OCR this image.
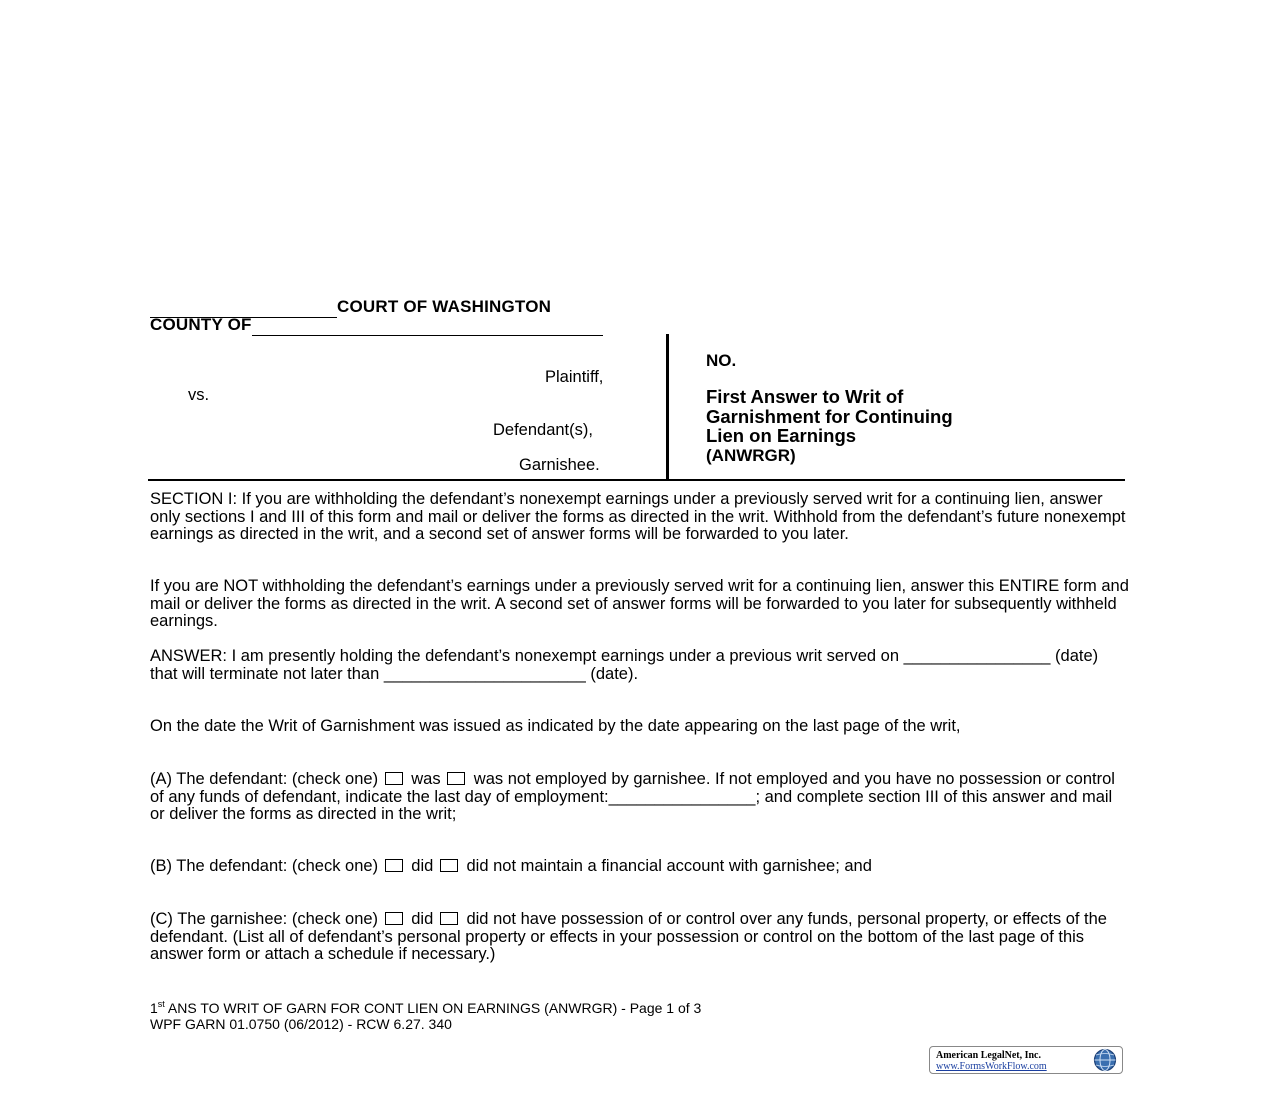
COURT OF WASHINGTON
COUNTY OF
Plaintiff,
vs.
Defendant(s),
Garnishee.
NO.
First Answer to Writ of
Garnishment for Continuing
Lien on Earnings
(ANWRGR)
SECTION I: If you are withholding the defendant’s nonexempt earnings under a previously served writ for a continuing lien, answer only sections I and III of this form and mail or deliver the forms as directed in the writ. Withhold from the defendant’s future nonexempt earnings as directed in the writ, and a second set of answer forms will be forwarded to you later.
If you are NOT withholding the defendant’s earnings under a previously served writ for a continuing lien, answer this ENTIRE form and mail or deliver the forms as directed in the writ. A second set of answer forms will be forwarded to you later for subsequently withheld earnings.
ANSWER: I am presently holding the defendant’s nonexempt earnings under a previous writ served on ________________ (date) that will terminate not later than ______________________ (date).
On the date the Writ of Garnishment was issued as indicated by the date appearing on the last page of the writ,
(A) The defendant: (check one) was was not employed by garnishee. If not employed and you have no possession or control of any funds of defendant, indicate the last day of employment:________________; and complete section III of this answer and mail or deliver the forms as directed in the writ;
(B) The defendant: (check one) did did not maintain a financial account with garnishee; and
(C) The garnishee: (check one) did did not have possession of or control over any funds, personal property, or effects of the defendant. (List all of defendant’s personal property or effects in your possession or control on the bottom of the last page of this answer form or attach a schedule if necessary.)
1st ANS TO WRIT OF GARN FOR CONT LIEN ON EARNINGS (ANWRGR) - Page 1 of 3
WPF GARN 01.0750 (06/2012) - RCW 6.27. 340
American LegalNet, Inc.
www.FormsWorkFlow.com
